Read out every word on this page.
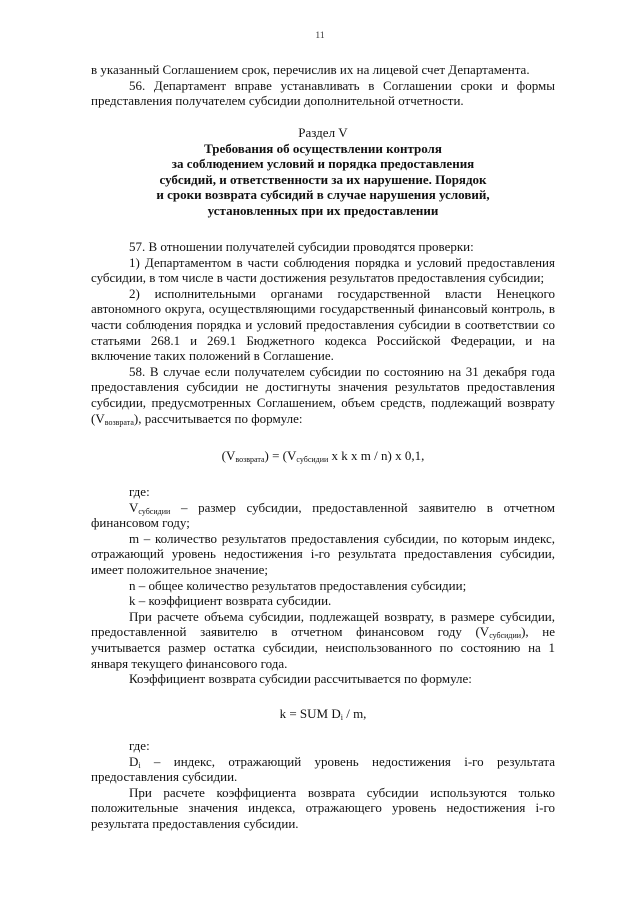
11

в указанный Соглашением срок, перечислив их на лицевой счет Департамента.

56. Департамент вправе устанавливать в Соглашении сроки и формы представления получателем субсидии дополнительной отчетности.

Раздел V

Требования об осуществлении контроля

за соблюдением условий и порядка предоставления

субсидий, и ответственности за их нарушение. Порядок

и сроки возврата субсидий в случае нарушения условий,

установленных при их предоставлении

57. В отношении получателей субсидии проводятся проверки:

1) Департаментом в части соблюдения порядка и условий предоставления субсидии, в том числе в части достижения результатов предоставления субсидии;

2) исполнительными органами государственной власти Ненецкого автономного округа, осуществляющими государственный финансовый контроль, в части соблюдения порядка и условий предоставления субсидии в соответствии со статьями 268.1 и 269.1 Бюджетного кодекса Российской Федерации, и на включение таких положений в Соглашение.

58. В случае если получателем субсидии по состоянию на 31 декабря года предоставления субсидии не достигнуты значения результатов предоставления субсидии, предусмотренных Соглашением, объем средств, подлежащий возврату $(V_{возврата})$, рассчитывается по формуле:

$(V_{возврата}) = (V_{субсидии}$ x k x m / n) x 0,1,

где:

$V_{субсидии}$ – размер субсидии, предоставленной заявителю в отчетном финансовом году;

m – количество результатов предоставления субсидии, по которым индекс, отражающий уровень недостижения i-го результата предоставления субсидии, имеет положительное значение;

n – общее количество результатов предоставления субсидии;

k – коэффициент возврата субсидии.

При расчете объема субсидии, подлежащей возврату, в размере субсидии, предоставленной заявителю в отчетном финансовом году $(V_{субсидии})$, не учитывается размер остатка субсидии, неиспользованного по состоянию на 1 января текущего финансового года.

Коэффициент возврата субсидии рассчитывается по формуле:

k = SUM $D_i$ / m,

где:

$D_i$ – индекс, отражающий уровень недостижения i-го результата предоставления субсидии.

При расчете коэффициента возврата субсидии используются только положительные значения индекса, отражающего уровень недостижения i-го результата предоставления субсидии.
